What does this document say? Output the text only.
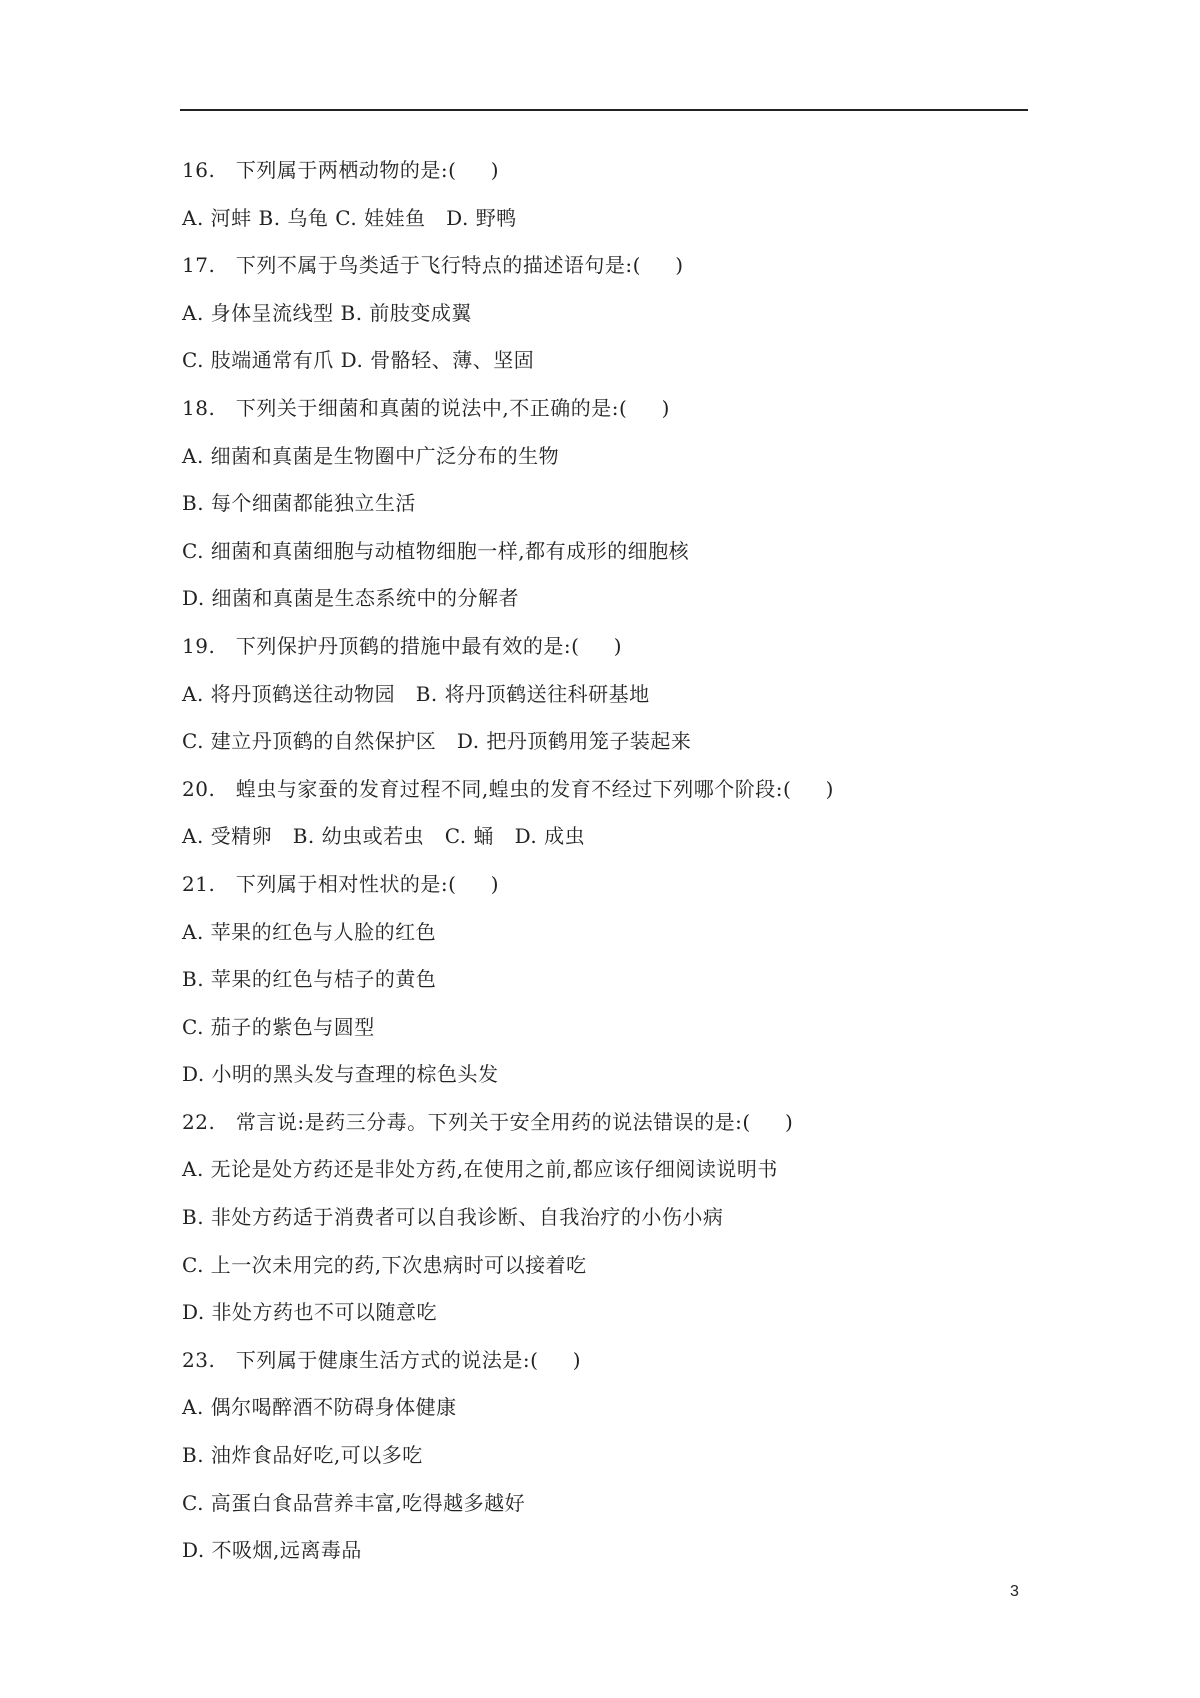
16.   下列属于两栖动物的是:(     )
A. 河蚌 B. 乌龟 C. 娃娃鱼   D. 野鸭
17.   下列不属于鸟类适于飞行特点的描述语句是:(     )
A. 身体呈流线型 B. 前肢变成翼
C. 肢端通常有爪 D. 骨骼轻、薄、坚固
18.   下列关于细菌和真菌的说法中,不正确的是:(     )
A. 细菌和真菌是生物圈中广泛分布的生物
B. 每个细菌都能独立生活
C. 细菌和真菌细胞与动植物细胞一样,都有成形的细胞核
D. 细菌和真菌是生态系统中的分解者
19.   下列保护丹顶鹤的措施中最有效的是:(     )
A. 将丹顶鹤送往动物园   B. 将丹顶鹤送往科研基地
C. 建立丹顶鹤的自然保护区   D. 把丹顶鹤用笼子装起来
20.   蝗虫与家蚕的发育过程不同,蝗虫的发育不经过下列哪个阶段:(     )
A. 受精卵   B. 幼虫或若虫   C. 蛹   D. 成虫
21.   下列属于相对性状的是:(     )
A. 苹果的红色与人脸的红色
B. 苹果的红色与桔子的黄色
C. 茄子的紫色与圆型
D. 小明的黑头发与查理的棕色头发
22.   常言说:是药三分毒。下列关于安全用药的说法错误的是:(     )
A. 无论是处方药还是非处方药,在使用之前,都应该仔细阅读说明书
B. 非处方药适于消费者可以自我诊断、自我治疗的小伤小病
C. 上一次未用完的药,下次患病时可以接着吃
D. 非处方药也不可以随意吃
23.   下列属于健康生活方式的说法是:(     )
A. 偶尔喝醉酒不防碍身体健康
B. 油炸食品好吃,可以多吃
C. 高蛋白食品营养丰富,吃得越多越好
D. 不吸烟,远离毒品
3
